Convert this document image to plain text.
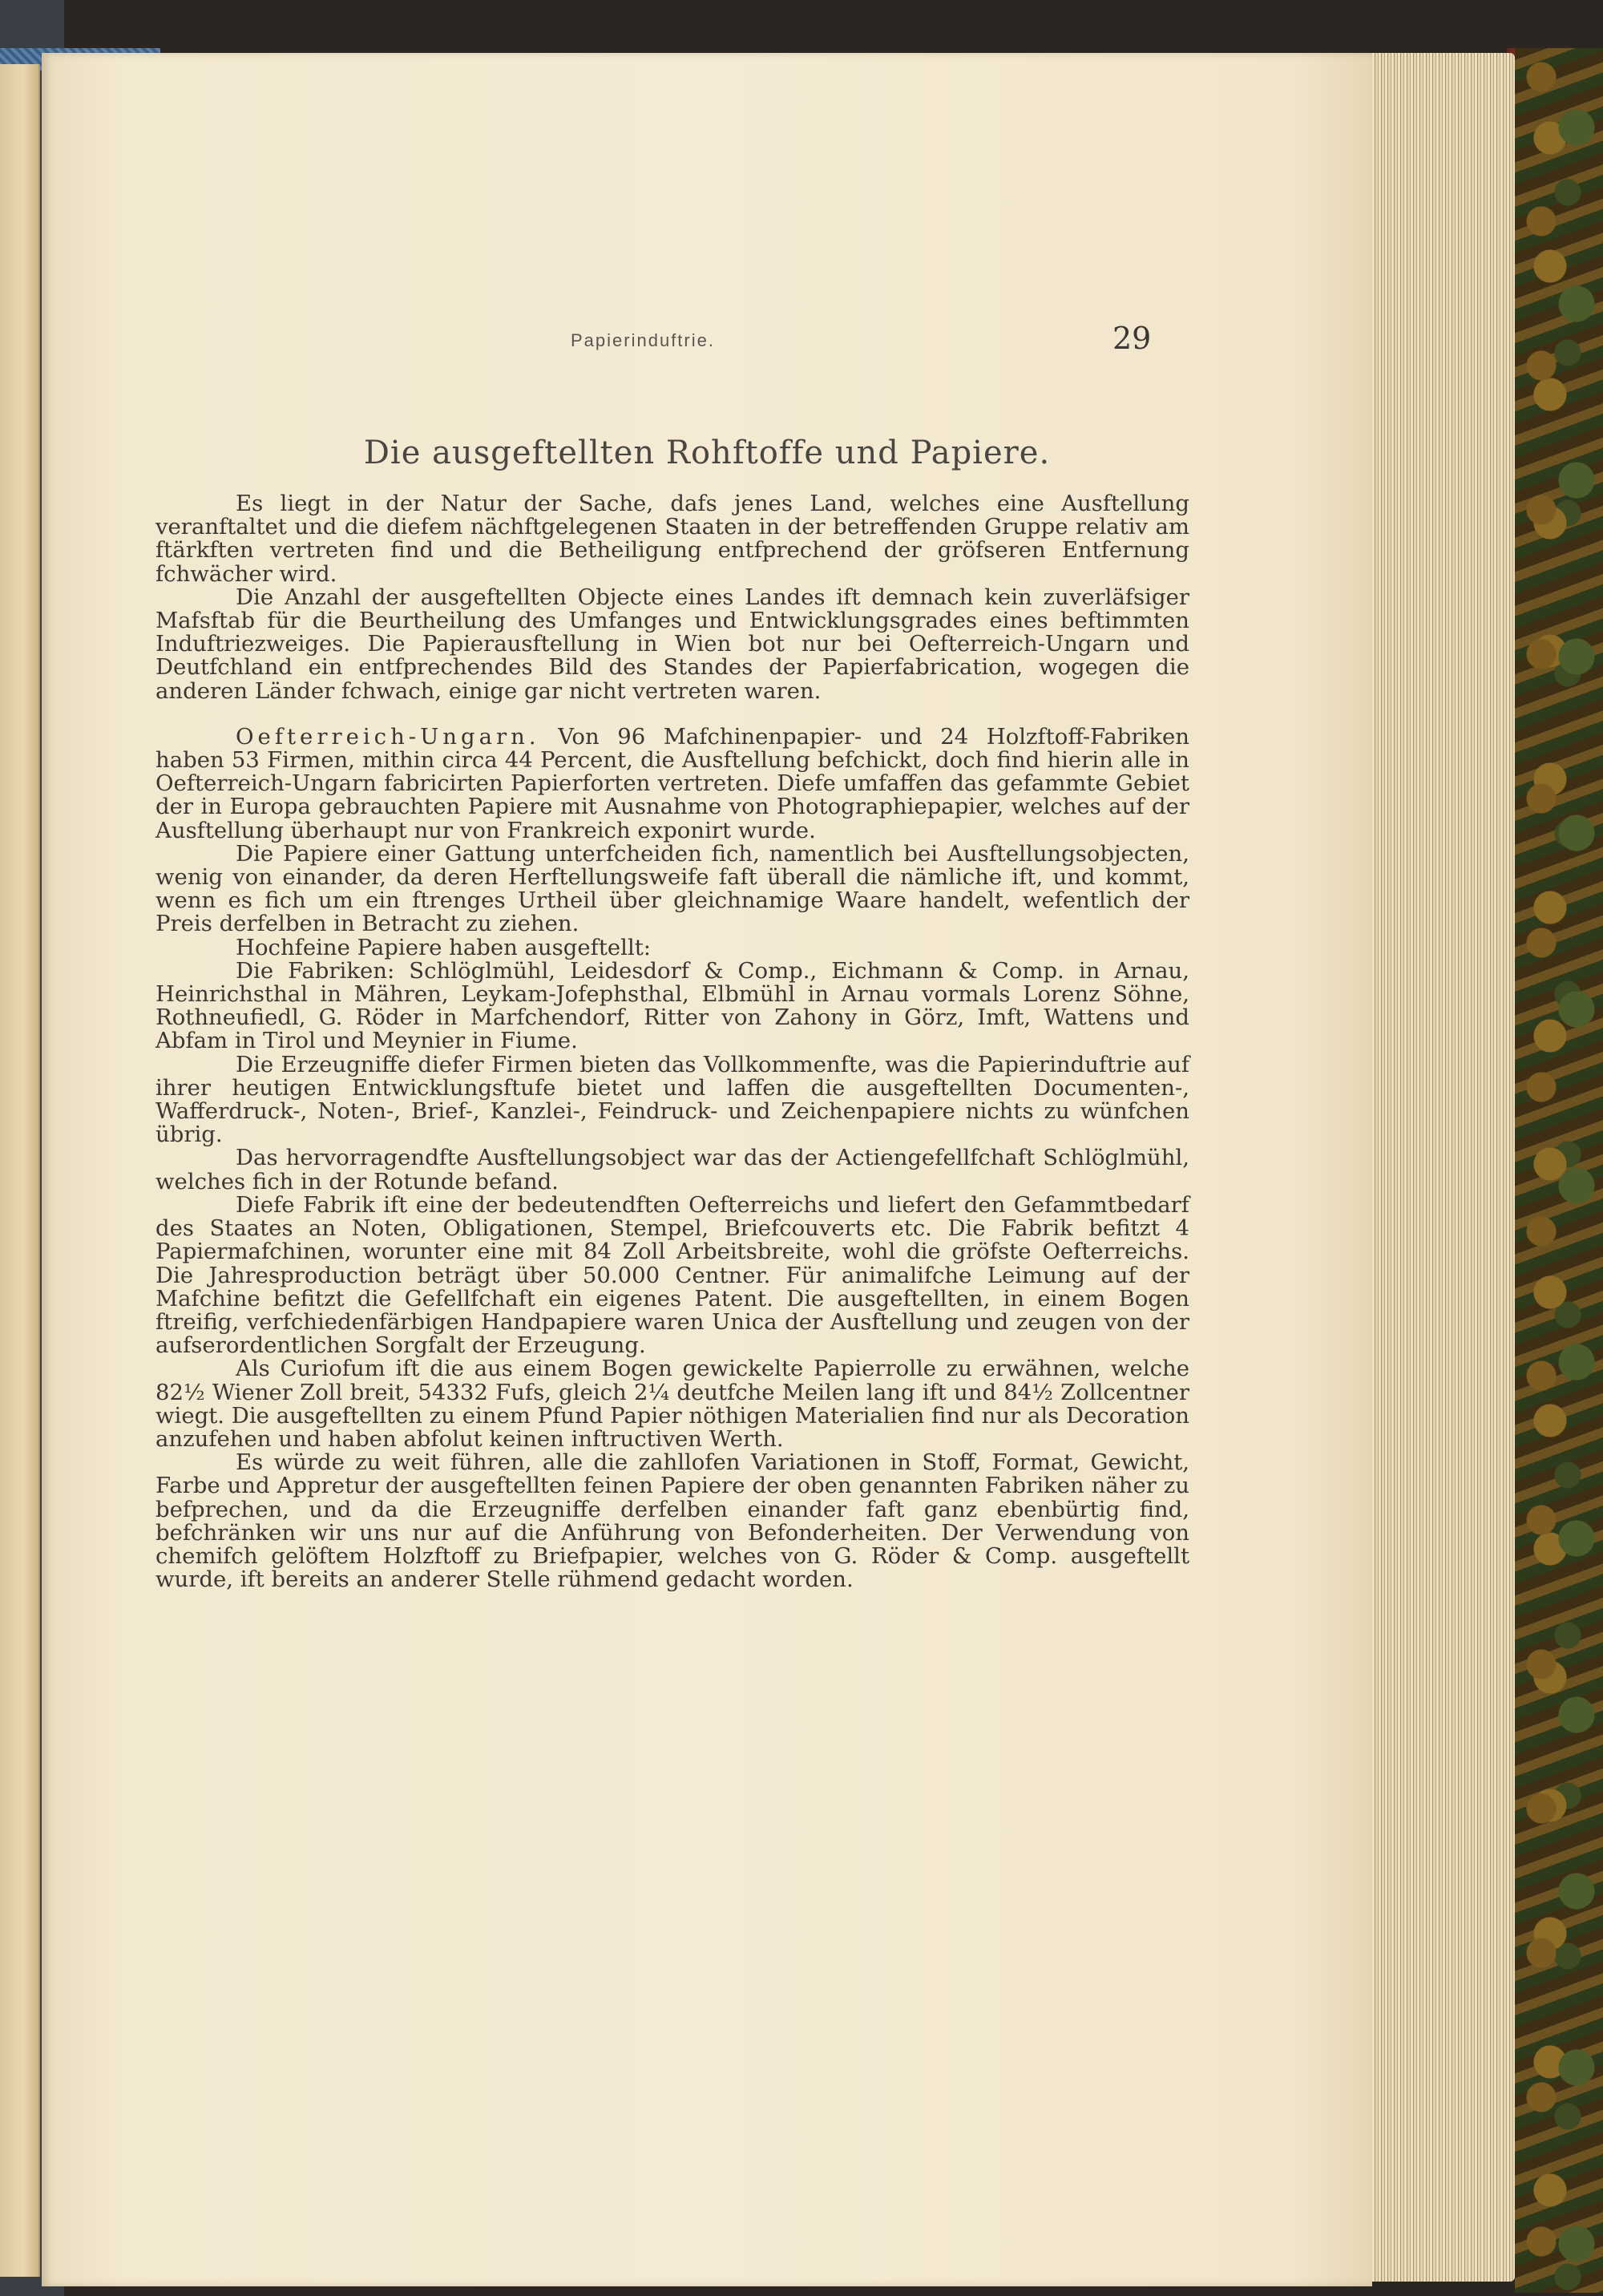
Papierinduftrie.	29
Die ausgeftellten Rohftoffe und Papiere.

Es liegt in der Natur der Sache, dafs jenes Land, welches eine Ausftellung veranftaltet und die diefem nächftgelegenen Staaten in der betreffenden Gruppe relativ am ftärkften vertreten find und die Betheiligung entfprechend der gröfseren Entfernung fchwächer wird.

Die Anzahl der ausgeftellten Objecte eines Landes ift demnach kein zuverläfsiger Mafsftab für die Beurtheilung des Umfanges und Entwicklungsgrades eines beftimmten Induftriezweiges. Die Papierausftellung in Wien bot nur bei Oefterreich-Ungarn und Deutfchland ein entfprechendes Bild des Standes der Papierfabrication, wogegen die anderen Länder fchwach, einige gar nicht vertreten waren.

Oefterreich-Ungarn. Von 96 Mafchinenpapier- und 24 Holzftoff-Fabriken haben 53 Firmen, mithin circa 44 Percent, die Ausftellung befchickt, doch find hierin alle in Oefterreich-Ungarn fabricirten Papierforten vertreten. Diefe umfaffen das gefammte Gebiet der in Europa gebrauchten Papiere mit Ausnahme von Photographiepapier, welches auf der Ausftellung überhaupt nur von Frankreich exponirt wurde.

Die Papiere einer Gattung unterfcheiden fich, namentlich bei Ausftellungsobjecten, wenig von einander, da deren Herftellungsweife faft überall die nämliche ift, und kommt, wenn es fich um ein ftrenges Urtheil über gleichnamige Waare handelt, wefentlich der Preis derfelben in Betracht zu ziehen.

Hochfeine Papiere haben ausgeftellt:

Die Fabriken: Schlöglmühl, Leidesdorf & Comp., Eichmann & Comp. in Arnau, Heinrichsthal in Mähren, Leykam-Jofephsthal, Elbmühl in Arnau vormals Lorenz Söhne, Rothneufiedl, G. Röder in Marfchendorf, Ritter von Zahony in Görz, Imft, Wattens und Abfam in Tirol und Meynier in Fiume.

Die Erzeugniffe diefer Firmen bieten das Vollkommenfte, was die Papierinduftrie auf ihrer heutigen Entwicklungsftufe bietet und laffen die ausgeftellten Documenten-, Wafferdruck-, Noten-, Brief-, Kanzlei-, Feindruck- und Zeichenpapiere nichts zu wünfchen übrig.

Das hervorragendfte Ausftellungsobject war das der Actiengefellfchaft Schlöglmühl, welches fich in der Rotunde befand.

Diefe Fabrik ift eine der bedeutendften Oefterreichs und liefert den Gefammtbedarf des Staates an Noten, Obligationen, Stempel, Briefcouverts etc. Die Fabrik befitzt 4 Papiermafchinen, worunter eine mit 84 Zoll Arbeitsbreite, wohl die gröfste Oefterreichs. Die Jahresproduction beträgt über 50.000 Centner. Für animalifche Leimung auf der Mafchine befitzt die Gefellfchaft ein eigenes Patent. Die ausgeftellten, in einem Bogen ftreifig, verfchiedenfärbigen Handpapiere waren Unica der Ausftellung und zeugen von der aufserordentlichen Sorgfalt der Erzeugung.

Als Curiofum ift die aus einem Bogen gewickelte Papierrolle zu erwähnen, welche 82½ Wiener Zoll breit, 54332 Fufs, gleich 2¼ deutfche Meilen lang ift und 84½ Zollcentner wiegt. Die ausgeftellten zu einem Pfund Papier nöthigen Materialien find nur als Decoration anzufehen und haben abfolut keinen inftructiven Werth.

Es würde zu weit führen, alle die zahllofen Variationen in Stoff, Format, Gewicht, Farbe und Appretur der ausgeftellten feinen Papiere der oben genannten Fabriken näher zu befprechen, und da die Erzeugniffe derfelben einander faft ganz ebenbürtig find, befchränken wir uns nur auf die Anführung von Befonderheiten. Der Verwendung von chemifch gelöftem Holzftoff zu Briefpapier, welches von G. Röder & Comp. ausgeftellt wurde, ift bereits an anderer Stelle rühmend gedacht worden.
